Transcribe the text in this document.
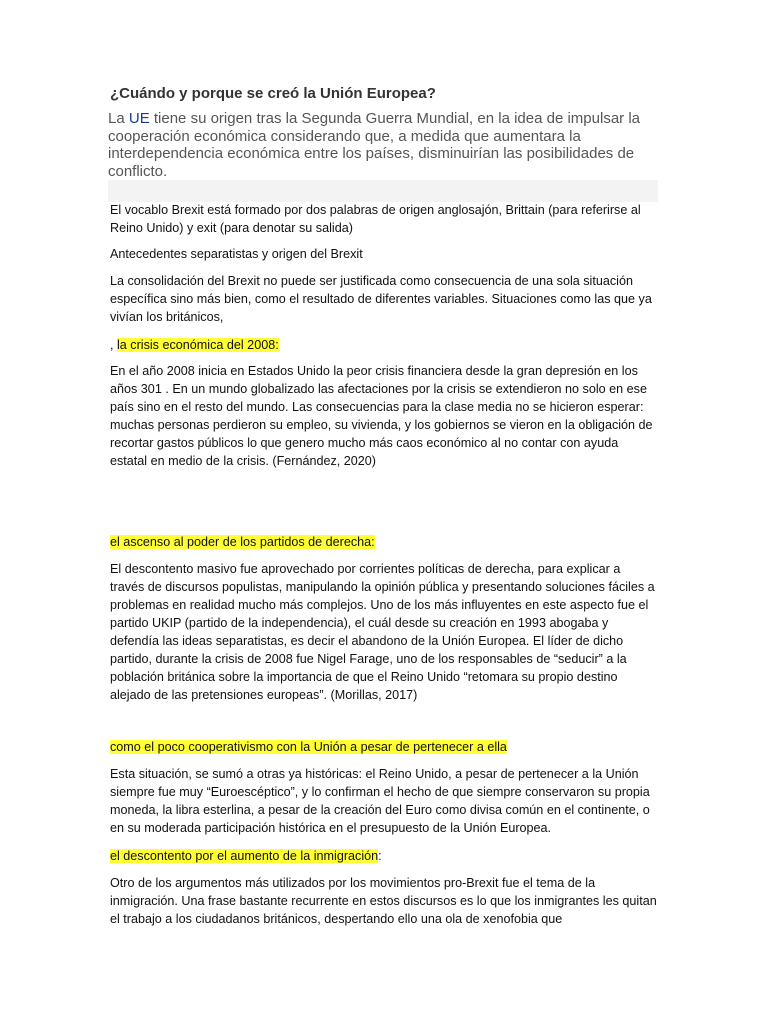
¿Cuándo y porque se creó la Unión Europea?

La UE tiene su origen tras la Segunda Guerra Mundial, en la idea de impulsar la cooperación económica considerando que, a medida que aumentara la interdependencia económica entre los países, disminuirían las posibilidades de conflicto.

El vocablo Brexit está formado por dos palabras de origen anglosajón, Brittain (para referirse al Reino Unido) y exit (para denotar su salida)

Antecedentes separatistas y origen del Brexit

La consolidación del Brexit no puede ser justificada como consecuencia de una sola situación específica sino más bien, como el resultado de diferentes variables. Situaciones como las que ya vivían los británicos,

, la crisis económica del 2008:

En el año 2008 inicia en Estados Unido la peor crisis financiera desde la gran depresión en los años 301 . En un mundo globalizado las afectaciones por la crisis se extendieron no solo en ese país sino en el resto del mundo. Las consecuencias para la clase media no se hicieron esperar: muchas personas perdieron su empleo, su vivienda, y los gobiernos se vieron en la obligación de recortar gastos públicos lo que genero mucho más caos económico al no contar con ayuda estatal en medio de la crisis. (Fernández, 2020)

el ascenso al poder de los partidos de derecha:

El descontento masivo fue aprovechado por corrientes políticas de derecha, para explicar a través de discursos populistas, manipulando la opinión pública y presentando soluciones fáciles a problemas en realidad mucho más complejos. Uno de los más influyentes en este aspecto fue el partido UKIP (partido de la independencia), el cuál desde su creación en 1993 abogaba y defendía las ideas separatistas, es decir el abandono de la Unión Europea. El líder de dicho partido, durante la crisis de 2008 fue Nigel Farage, uno de los responsables de “seducir” a la población británica sobre la importancia de que el Reino Unido “retomara su propio destino alejado de las pretensiones europeas”. (Morillas, 2017)

como el poco cooperativismo con la Unión a pesar de pertenecer a ella

Esta situación, se sumó a otras ya históricas: el Reino Unido, a pesar de pertenecer a la Unión siempre fue muy “Euroescéptico”, y lo confirman el hecho de que siempre conservaron su propia moneda, la libra esterlina, a pesar de la creación del Euro como divisa común en el continente, o en su moderada participación histórica en el presupuesto de la Unión Europea.

el descontento por el aumento de la inmigración:

Otro de los argumentos más utilizados por los movimientos pro-Brexit fue el tema de la inmigración. Una frase bastante recurrente en estos discursos es lo que los inmigrantes les quitan el trabajo a los ciudadanos británicos, despertando ello una ola de xenofobia que
